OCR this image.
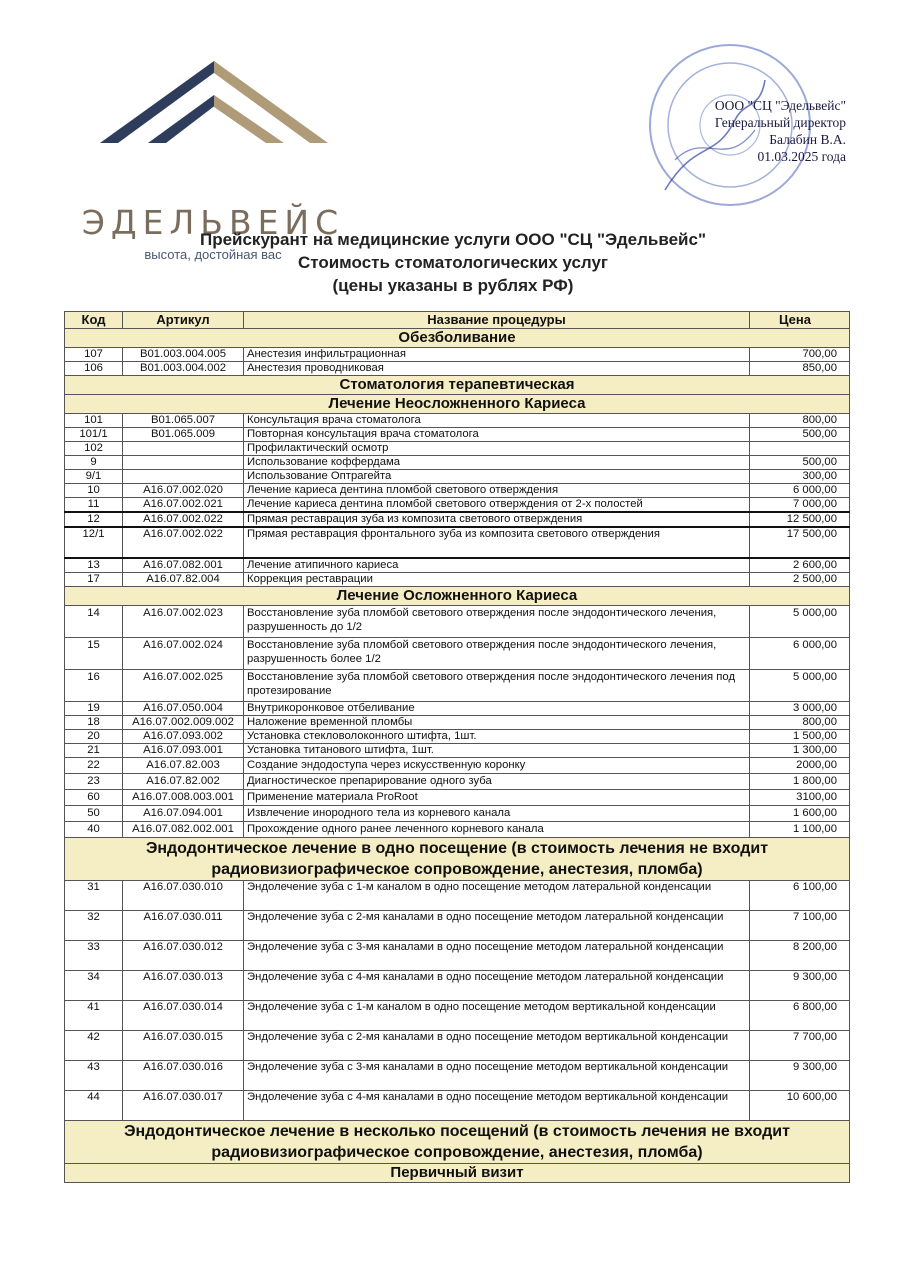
ЭДЕЛЬВЕЙС
высота, достойная вас
ООО "СЦ "Эдельвейс"
Генеральный директор
Балабин В.А.
01.03.2025 года
Прейскурант на медицинские услуги ООО "СЦ "Эдельвейс"
Стоимость стоматологических услуг
(цены указаны в рублях РФ)
Код	Артикул	Название процедуры	Цена
Обезболивание			
107	B01.003.004.005	Анестезия инфильтрационная	700,00
106	B01.003.004.002	Анестезия проводниковая	850,00
Стоматология терапевтическая			
Лечение Неосложненного Кариеса			
101	B01.065.007	Консультация врача стоматолога	800,00
101/1	B01.065.009	Повторная консультация врача стоматолога	500,00
102		Профилактический осмотр	
9		Использование коффердама	500,00
9/1		Использование Оптрагейта	300,00
10	A16.07.002.020	Лечение кариеса дентина пломбой светового отверждения	6 000,00
11	A16.07.002.021	Лечение кариеса дентина пломбой светового отверждения от 2-х полостей	7 000,00
12	A16.07.002.022	Прямая реставрация зуба из композита светового отверждения	12 500,00
12/1	A16.07.002.022	Прямая реставрация фронтального зуба из композита светового отверждения	17 500,00
13	A16.07.082.001	Лечение атипичного кариеса	2 600,00
17	A16.07.82.004	Коррекция реставрации	2 500,00
Лечение Осложненного Кариеса			
14	A16.07.002.023	Восстановление зуба пломбой светового отверждения после эндодонтического лечения, разрушенность до 1/2	5 000,00
15	A16.07.002.024	Восстановление зуба пломбой светового отверждения после эндодонтического лечения, разрушенность более 1/2	6 000,00
16	A16.07.002.025	Восстановление зуба пломбой светового отверждения после эндодонтического лечения под протезирование	5 000,00
19	A16.07.050.004	Внутрикоронковое отбеливание	3 000,00
18	A16.07.002.009.002	Наложение временной пломбы	800,00
20	A16.07.093.002	Установка стекловолоконного штифта, 1шт.	1 500,00
21	A16.07.093.001	Установка титанового штифта, 1шт.	1 300,00
22	A16.07.82.003	Создание эндодоступа через искусственную коронку	2000,00
23	A16.07.82.002	Диагностическое препарирование одного зуба	1 800,00
60	A16.07.008.003.001	Применение материала ProRoot	3100,00
50	A16.07.094.001	Извлечение инородного тела из корневого канала	1 600,00
40	A16.07.082.002.001	Прохождение одного ранее леченного корневого канала	1 100,00
Эндодонтическое лечение в одно посещение (в стоимость лечения не входит радиовизиографическое сопровождение, анестезия, пломба)			
31	A16.07.030.010	Эндолечение зуба с 1-м каналом в одно посещение методом латеральной конденсации	6 100,00
32	A16.07.030.011	Эндолечение зуба с 2-мя каналами в одно посещение методом латеральной конденсации	7 100,00
33	A16.07.030.012	Эндолечение зуба с 3-мя каналами в одно посещение методом латеральной конденсации	8 200,00
34	A16.07.030.013	Эндолечение зуба с 4-мя каналами в одно посещение методом латеральной конденсации	9 300,00
41	A16.07.030.014	Эндолечение зуба с 1-м каналом в одно посещение методом вертикальной конденсации	6 800,00
42	A16.07.030.015	Эндолечение зуба с 2-мя каналами в одно посещение методом вертикальной конденсации	7 700,00
43	A16.07.030.016	Эндолечение зуба с 3-мя каналами в одно посещение методом вертикальной конденсации	9 300,00
44	A16.07.030.017	Эндолечение зуба с 4-мя каналами в одно посещение методом вертикальной конденсации	10 600,00
Эндодонтическое лечение в несколько посещений (в стоимость лечения не входит радиовизиографическое сопровождение, анестезия, пломба)			
Первичный визит			
